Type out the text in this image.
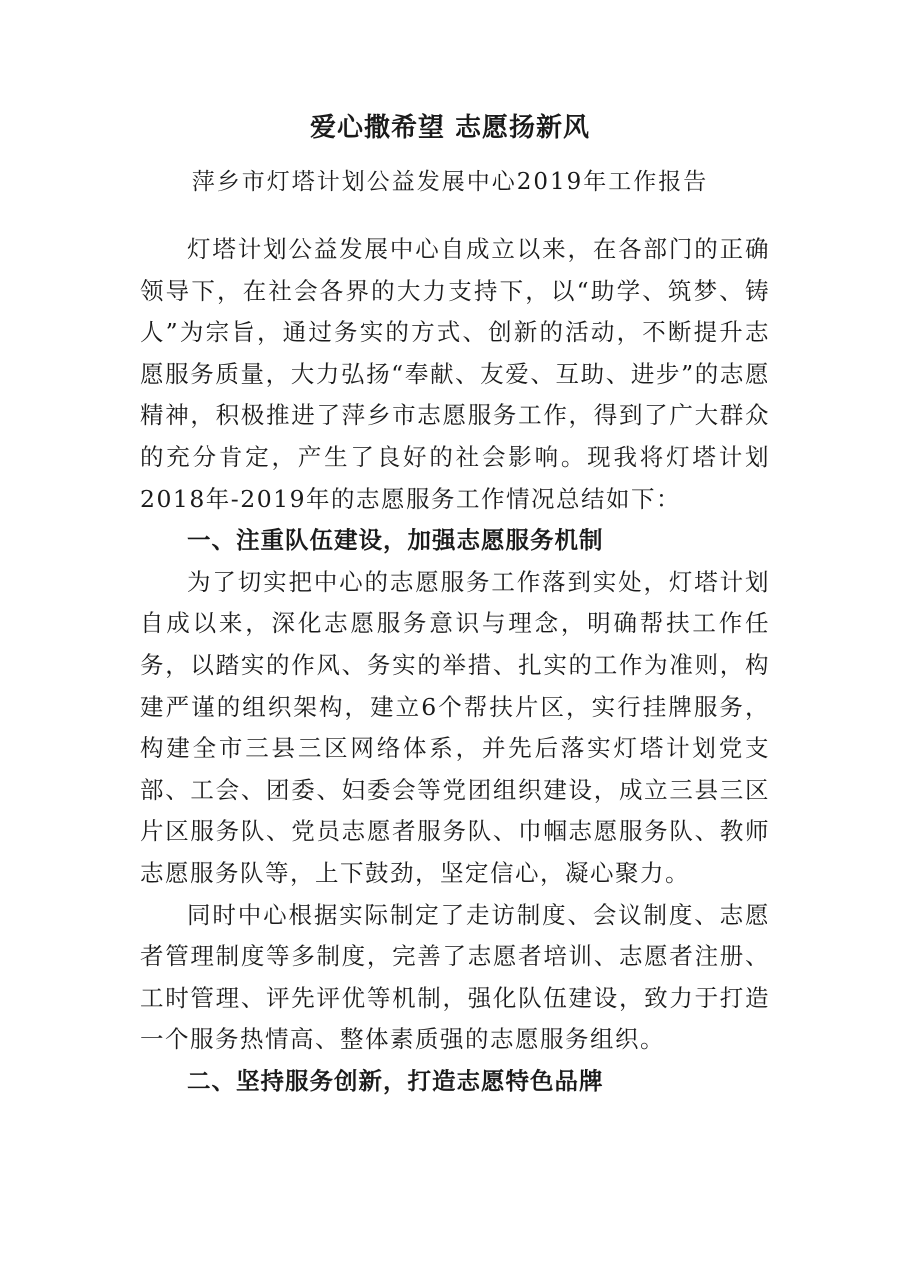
爱心撒希望 志愿扬新风
萍乡市灯塔计划公益发展中心2019年工作报告

灯塔计划公益发展中心自成立以来，在各部门的正确领导下，在社会各界的大力支持下，以“助学、筑梦、铸人”为宗旨，通过务实的方式、创新的活动，不断提升志愿服务质量，大力弘扬“奉献、友爱、互助、进步”的志愿精神，积极推进了萍乡市志愿服务工作，得到了广大群众的充分肯定，产生了良好的社会影响。现我将灯塔计划2018年-2019年的志愿服务工作情况总结如下：

一、注重队伍建设，加强志愿服务机制

为了切实把中心的志愿服务工作落到实处，灯塔计划自成以来，深化志愿服务意识与理念，明确帮扶工作任务，以踏实的作风、务实的举措、扎实的工作为准则，构建严谨的组织架构，建立6个帮扶片区，实行挂牌服务，构建全市三县三区网络体系，并先后落实灯塔计划党支部、工会、团委、妇委会等党团组织建设，成立三县三区片区服务队、党员志愿者服务队、巾帼志愿服务队、教师志愿服务队等，上下鼓劲，坚定信心，凝心聚力。

同时中心根据实际制定了走访制度、会议制度、志愿者管理制度等多制度，完善了志愿者培训、志愿者注册、工时管理、评先评优等机制，强化队伍建设，致力于打造一个服务热情高、整体素质强的志愿服务组织。

二、坚持服务创新，打造志愿特色品牌
